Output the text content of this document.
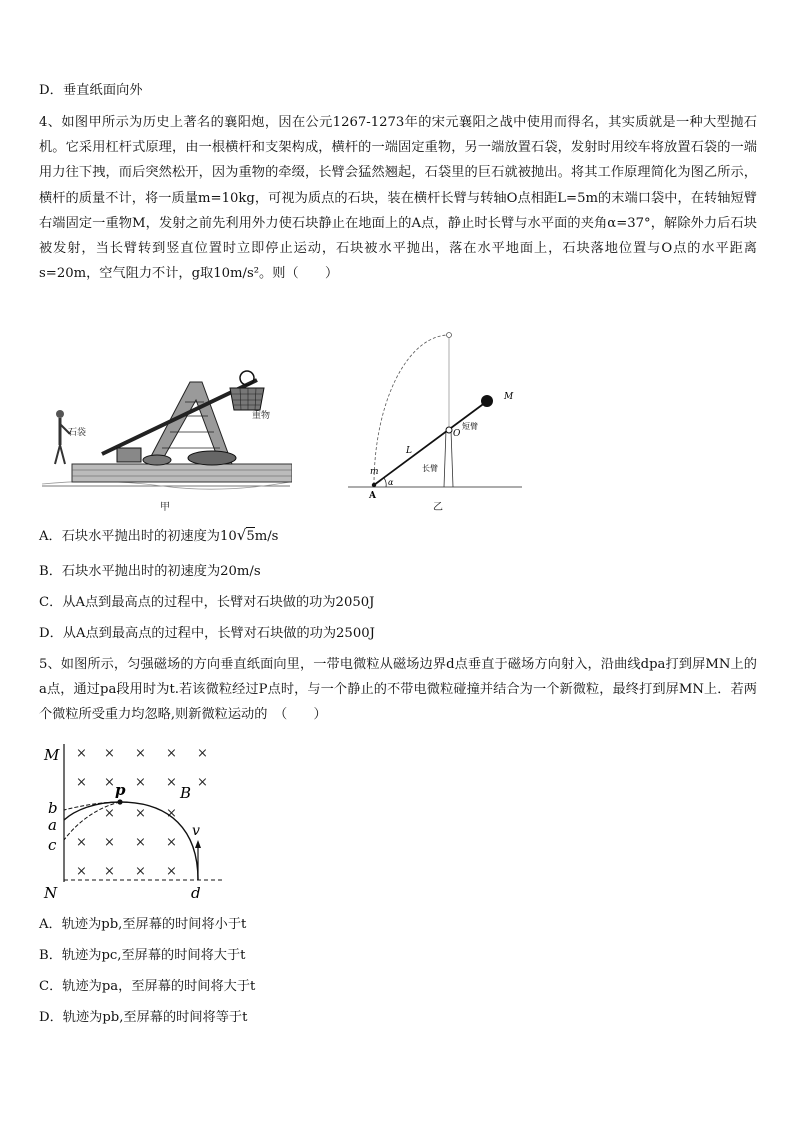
D．垂直纸面向外
4、如图甲所示为历史上著名的襄阳炮，因在公元1267-1273年的宋元襄阳之战中使用而得名，其实质就是一种大型抛石机。它采用杠杆式原理，由一根横杆和支架构成，横杆的一端固定重物，另一端放置石袋，发射时用绞车将放置石袋的一端用力往下拽，而后突然松开，因为重物的牵缀，长臂会猛然翘起，石袋里的巨石就被抛出。将其工作原理简化为图乙所示，横杆的质量不计，将一质量m=10kg，可视为质点的石块，装在横杆长臂与转轴O点相距L=5m的末端口袋中，在转轴短臂右端固定一重物M，发射之前先利用外力使石块静止在地面上的A点，静止时长臂与水平面的夹角α=37°，解除外力后石块被发射，当长臂转到竖直位置时立即停止运动，石块被水平抛出，落在水平地面上，石块落地位置与O点的水平距离s=20m，空气阻力不计，g取10m/s²。则（　　）
石袋
重物
甲
M
O
短臂
L
长臂
m
A
α
乙
A．石块水平抛出时的初速度为10√5m/s
B．石块水平抛出时的初速度为20m/s
C．从A点到最高点的过程中，长臂对石块做的功为2050J
D．从A点到最高点的过程中，长臂对石块做的功为2500J
5、如图所示，匀强磁场的方向垂直纸面向里，一带电微粒从磁场边界d点垂直于磁场方向射入，沿曲线dpa打到屏MN上的a点，通过pa段用时为t.若该微粒经过P点时，与一个静止的不带电微粒碰撞并结合为一个新微粒，最终打到屏MN上．若两个微粒所受重力均忽略,则新微粒运动的　（　　）
× × × × ×
× × × × ×
× × ×
× × × ×
× × × ×
M
N
b
a
c
p	B
v
d
A．轨迹为pb,至屏幕的时间将小于t
B．轨迹为pc,至屏幕的时间将大于t
C．轨迹为pa，至屏幕的时间将大于t
D．轨迹为pb,至屏幕的时间将等于t
